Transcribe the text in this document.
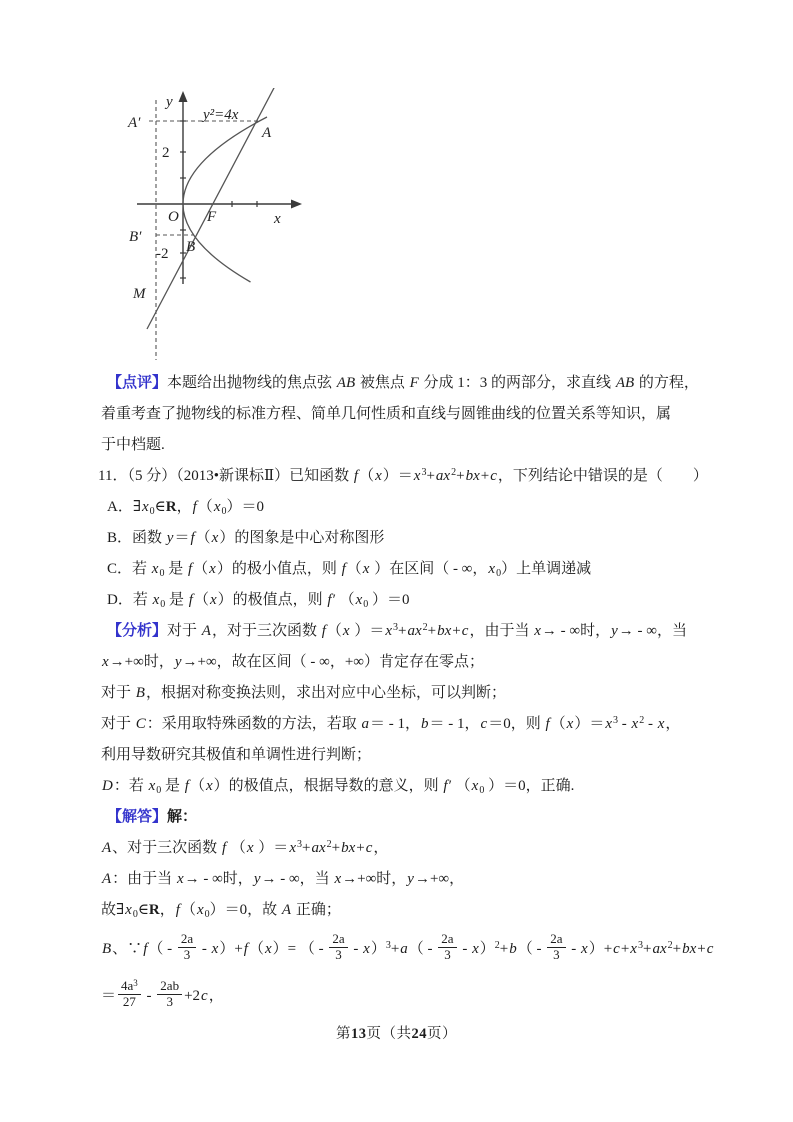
y
A′
2
y²=4x
A
O F	x
B′
B
-2
M
【点评】本题给出抛物线的焦点弦 AB 被焦点 F 分成 1：3 的两部分，求直线 AB 的方程，
着重考查了抛物线的标准方程、简单几何性质和直线与圆锥曲线的位置关系等知识，属
于中档题.
11．（5 分）（2013•新课标Ⅱ）已知函数 $f(x)=x^3+ax^2+bx+c$，下列结论中错误的是（　　）
A．$\exists x_0\in R$，$f(x_0)=0$
B．函数 y＝f（x）的图象是中心对称图形
C．若 $x_0$ 是 f（x）的极小值点，则 f（x ）在区间（ - ∞，$x_0$）上单调递减
D．若 $x_0$ 是 f（x）的极值点，则 f′ （$x_0$ ）＝0
【分析】对于 A，对于三次函数 f（x ）$=x^3+ax^2+bx+c$，由于当 x→ - ∞时，y→ - ∞，当
x→+∞时，y→+∞，故在区间（ - ∞，+∞）肯定存在零点；
对于 B，根据对称变换法则，求出对应中心坐标，可以判断；
对于 C：采用取特殊函数的方法，若取 a＝ - 1，b＝ - 1，c＝0，则 $f(x)=x^3 - x^2 - x$，
利用导数研究其极值和单调性进行判断；
D：若 $x_0$ 是 f（x）的极值点，根据导数的意义，则 f′ （$x_0$ ）＝0，正确.
【解答】解：
A、对于三次函数 f （x ）$=x^3+ax^2+bx+c$，
A：由于当 x→ - ∞时，y→ - ∞，当 x→+∞时，y→+∞，
故$\exists x_0\in R$，$f(x_0)=0$，故 A 正确；
B、∵f（ - $\frac{2a}{3} - x)+f(x)=$ （ - $\frac{2a}{3} - x)^3+a( - \frac{2a}{3} - x)^2+b( - \frac{2a}{3} - x)+c+x^3+ax^2+bx+c$
＝ $\frac{4a^3}{27} - \frac{2ab}{3} +2c$，
第13页（共24页）
